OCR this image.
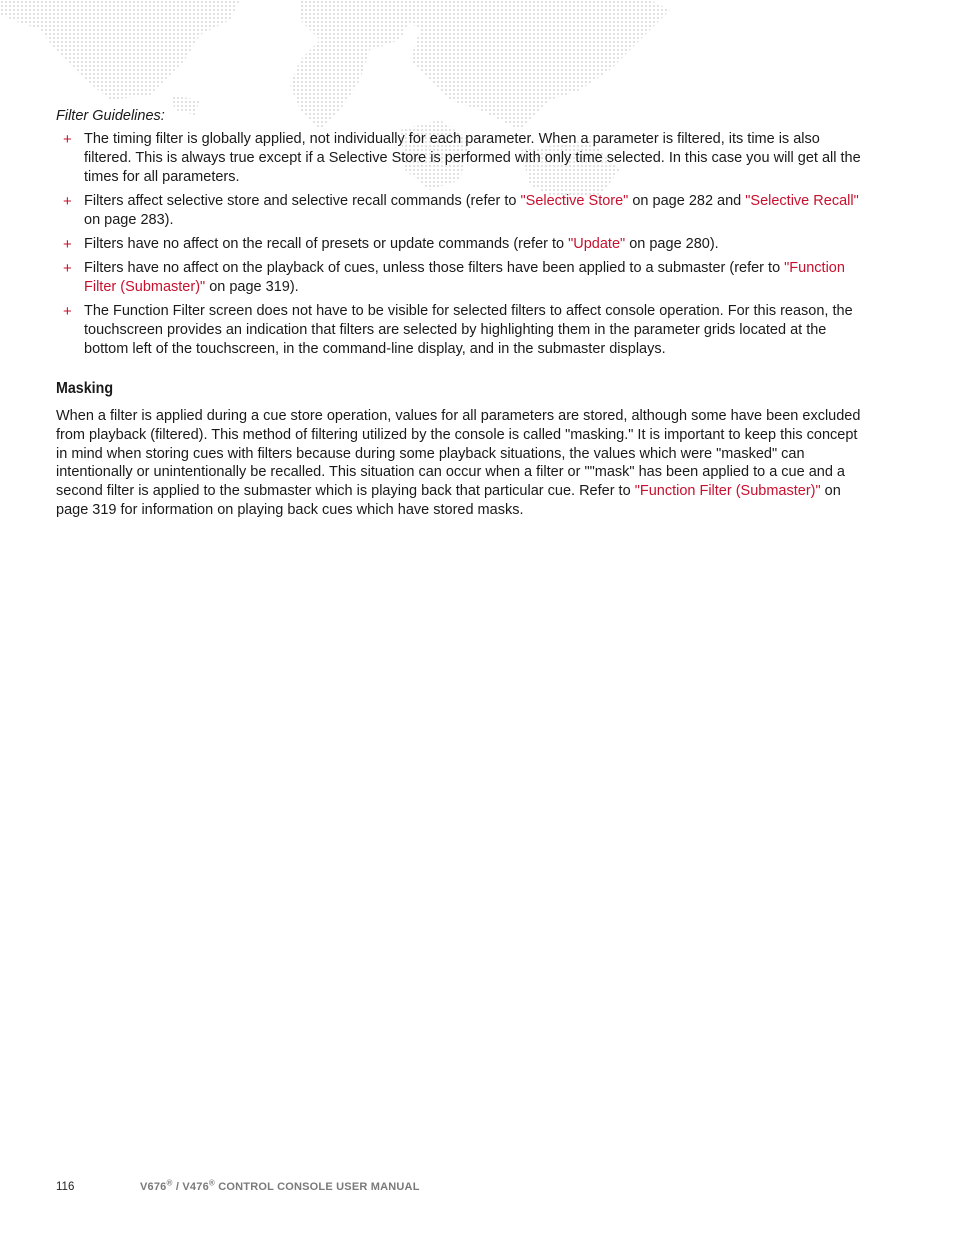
Filter Guidelines:
+ The timing filter is globally applied, not individually for each parameter. When a parameter is filtered, its time is also filtered. This is always true except if a Selective Store is performed with only time selected. In this case you will get all the times for all parameters.
+ Filters affect selective store and selective recall commands (refer to "Selective Store" on page 282 and "Selective Recall" on page 283).
+ Filters have no affect on the recall of presets or update commands (refer to "Update" on page 280).
+ Filters have no affect on the playback of cues, unless those filters have been applied to a submaster (refer to "Function Filter (Submaster)" on page 319).
+ The Function Filter screen does not have to be visible for selected filters to affect console operation. For this reason, the touchscreen provides an indication that filters are selected by highlighting them in the parameter grids located at the bottom left of the touchscreen, in the command-line display, and in the submaster displays.
Masking

When a filter is applied during a cue store operation, values for all parameters are stored, although some have been excluded from playback (filtered). This method of filtering utilized by the console is called "masking." It is important to keep this concept in mind when storing cues with filters because during some playback situations, the values which were "masked" can intentionally or unintentionally be recalled. This situation can occur when a filter or ""mask" has been applied to a cue and a second filter is applied to the submaster which is playing back that particular cue. Refer to "Function Filter (Submaster)" on page 319 for information on playing back cues which have stored masks.

116	V676® / V476® CONTROL CONSOLE USER MANUAL
